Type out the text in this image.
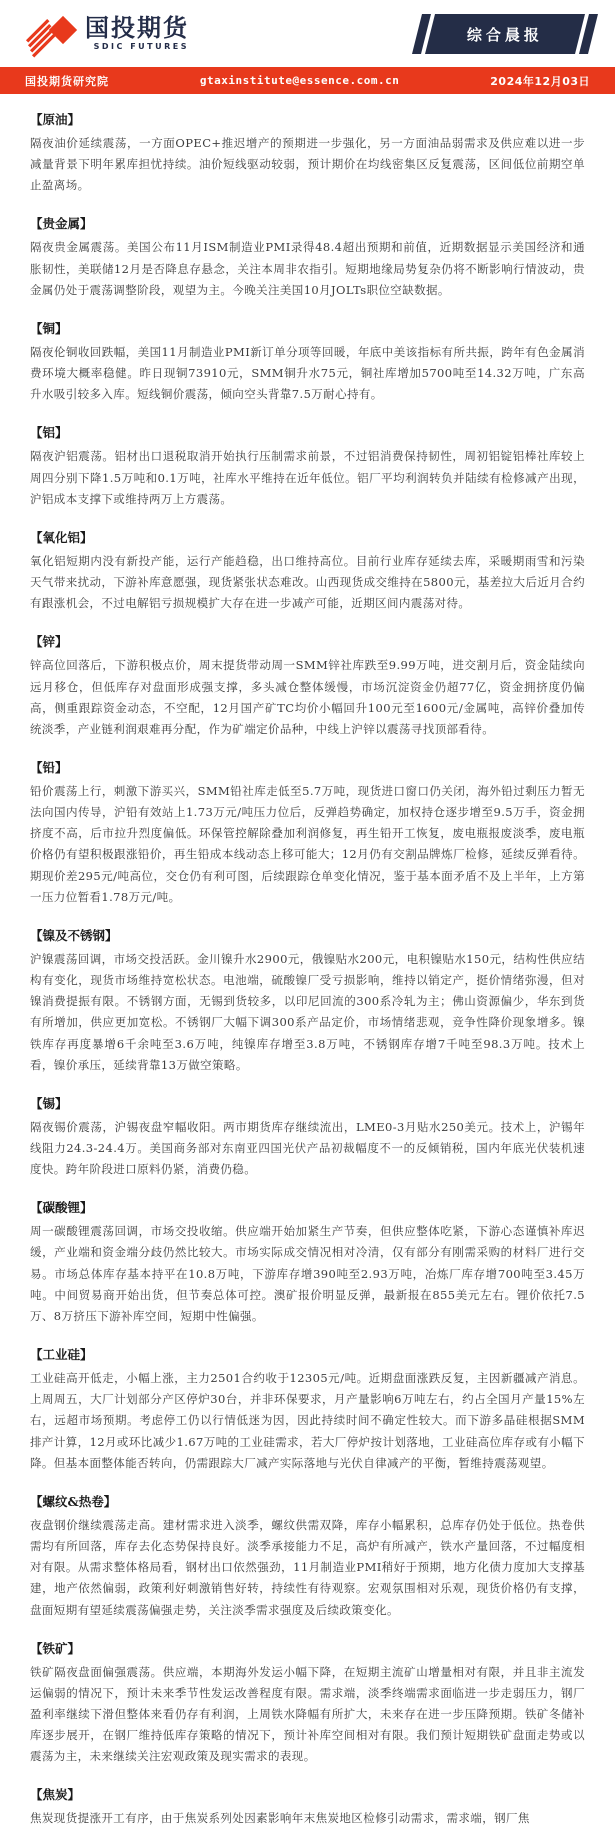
国投期货
SDIC FUTURES
综合晨报
国投期货研究院	gtaxinstitute@essence.com.cn	2024年12月03日
【原油】
隔夜油价延续震荡，一方面OPEC+推迟增产的预期进一步强化，另一方面油品弱需求及供应难以进一步减量背景下明年累库担忧持续。油价短线驱动较弱，预计期价在均线密集区反复震荡，区间低位前期空单止盈离场。
【贵金属】
隔夜贵金属震荡。美国公布11月ISM制造业PMI录得48.4超出预期和前值，近期数据显示美国经济和通胀韧性，美联储12月是否降息存悬念，关注本周非农指引。短期地缘局势复杂仍将不断影响行情波动，贵金属仍处于震荡调整阶段，观望为主。今晚关注美国10月JOLTs职位空缺数据。
【铜】
隔夜伦铜收回跌幅，美国11月制造业PMI新订单分项等回暖，年底中美该指标有所共振，跨年有色金属消费环境大概率稳健。昨日现铜73910元，SMM铜升水75元，铜社库增加5700吨至14.32万吨，广东高升水吸引较多入库。短线铜价震荡，倾向空头背靠7.5万耐心持有。
【铝】
隔夜沪铝震荡。铝材出口退税取消开始执行压制需求前景，不过铝消费保持韧性，周初铝锭铝棒社库较上周四分别下降1.5万吨和0.1万吨，社库水平维持在近年低位。铝厂平均利润转负并陆续有检修减产出现，沪铝成本支撑下或维持两万上方震荡。
【氧化铝】
氧化铝短期内没有新投产能，运行产能趋稳，出口维持高位。目前行业库存延续去库，采暖期雨雪和污染天气带来扰动，下游补库意愿强，现货紧张状态难改。山西现货成交维持在5800元，基差拉大后近月合约有跟涨机会，不过电解铝亏损规模扩大存在进一步减产可能，近期区间内震荡对待。
【锌】
锌高位回落后，下游积极点价，周末提货带动周一SMM锌社库跌至9.99万吨，进交割月后，资金陆续向远月移仓，但低库存对盘面形成强支撑，多头减仓整体缓慢，市场沉淀资金仍超77亿，资金拥挤度仍偏高，侧重跟踪资金动态，不空配，12月国产矿TC均价小幅回升100元至1600元/金属吨，高锌价叠加传统淡季，产业链利润艰难再分配，作为矿端定价品种，中线上沪锌以震荡寻找顶部看待。
【铅】
铅价震荡上行，刺激下游买兴，SMM铅社库走低至5.7万吨，现货进口窗口仍关闭，海外铅过剩压力暂无法向国内传导，沪铅有效站上1.73万元/吨压力位后，反弹趋势确定，加权持仓逐步增至9.5万手，资金拥挤度不高，后市拉升烈度偏低。环保管控解除叠加利润修复，再生铅开工恢复，废电瓶报废淡季，废电瓶价格仍有望积极跟涨铅价，再生铅成本线动态上移可能大；12月仍有交割品牌炼厂检修，延续反弹看待。期现价差295元/吨高位，交仓仍有利可图，后续跟踪仓单变化情况，鉴于基本面矛盾不及上半年，上方第一压力位暂看1.78万元/吨。
【镍及不锈钢】
沪镍震荡回调，市场交投活跃。金川镍升水2900元，俄镍贴水200元，电积镍贴水150元，结构性供应结构有变化，现货市场维持宽松状态。电池端，硫酸镍厂受亏损影响，维持以销定产，挺价情绪弥漫，但对镍消费提振有限。不锈钢方面，无锡到货较多，以印尼回流的300系冷轧为主；佛山资源偏少，华东到货有所增加，供应更加宽松。不锈钢厂大幅下调300系产品定价，市场情绪悲观，竞争性降价现象增多。镍铁库存再度暴增6千余吨至3.6万吨，纯镍库存增至3.8万吨，不锈钢库存增7千吨至98.3万吨。技术上看，镍价承压，延续背靠13万做空策略。
【锡】
隔夜锡价震荡，沪锡夜盘窄幅收阳。两市期货库存继续流出，LME0-3月贴水250美元。技术上，沪锡年线阻力24.3-24.4万。美国商务部对东南亚四国光伏产品初裁幅度不一的反倾销税，国内年底光伏装机速度快。跨年阶段进口原料仍紧，消费仍稳。
【碳酸锂】
周一碳酸锂震荡回调，市场交投收缩。供应端开始加紧生产节奏，但供应整体吃紧，下游心态谨慎补库迟缓，产业端和资金端分歧仍然比较大。市场实际成交情况相对冷清，仅有部分有刚需采购的材料厂进行交易。市场总体库存基本持平在10.8万吨，下游库存增390吨至2.93万吨，冶炼厂库存增700吨至3.45万吨。中间贸易商开始出货，但节奏总体可控。澳矿报价明显反弹，最新报在855美元左右。锂价依托7.5万、8万挤压下游补库空间，短期中性偏强。
【工业硅】
工业硅高开低走，小幅上涨，主力2501合约收于12305元/吨。近期盘面涨跌反复，主因新疆减产消息。上周周五，大厂计划部分产区停炉30台，并非环保要求，月产量影响6万吨左右，约占全国月产量15%左右，远超市场预期。考虑停工仍以行情低迷为因，因此持续时间不确定性较大。而下游多晶硅根据SMM排产计算，12月或环比减少1.67万吨的工业硅需求，若大厂停炉按计划落地，工业硅高位库存或有小幅下降。但基本面整体能否转向，仍需跟踪大厂减产实际落地与光伏自律减产的平衡，暂维持震荡观望。
【螺纹&热卷】
夜盘钢价继续震荡走高。建材需求进入淡季，螺纹供需双降，库存小幅累积，总库存仍处于低位。热卷供需均有所回落，库存去化态势保持良好。淡季承接能力不足，高炉有所减产，铁水产量回落，不过幅度相对有限。从需求整体格局看，钢材出口依然强劲，11月制造业PMI稍好于预期，地方化债力度加大支撑基建，地产依然偏弱，政策利好刺激销售好转，持续性有待观察。宏观氛围相对乐观，现货价格仍有支撑，盘面短期有望延续震荡偏强走势，关注淡季需求强度及后续政策变化。
【铁矿】
铁矿隔夜盘面偏强震荡。供应端，本期海外发运小幅下降，在短期主流矿山增量相对有限，并且非主流发运偏弱的情况下，预计未来季节性发运改善程度有限。需求端，淡季终端需求面临进一步走弱压力，钢厂盈利率继续下滑但整体来看仍存有利润，上周铁水降幅有所扩大，未来存在进一步压降预期。铁矿冬储补库逐步展开，在钢厂维持低库存策略的情况下，预计补库空间相对有限。我们预计短期铁矿盘面走势或以震荡为主，未来继续关注宏观政策及现实需求的表现。
【焦炭】
焦炭现货提涨开工有序，由于焦炭系列处因素影响年末焦炭地区检修引动需求，需求端，钢厂焦
